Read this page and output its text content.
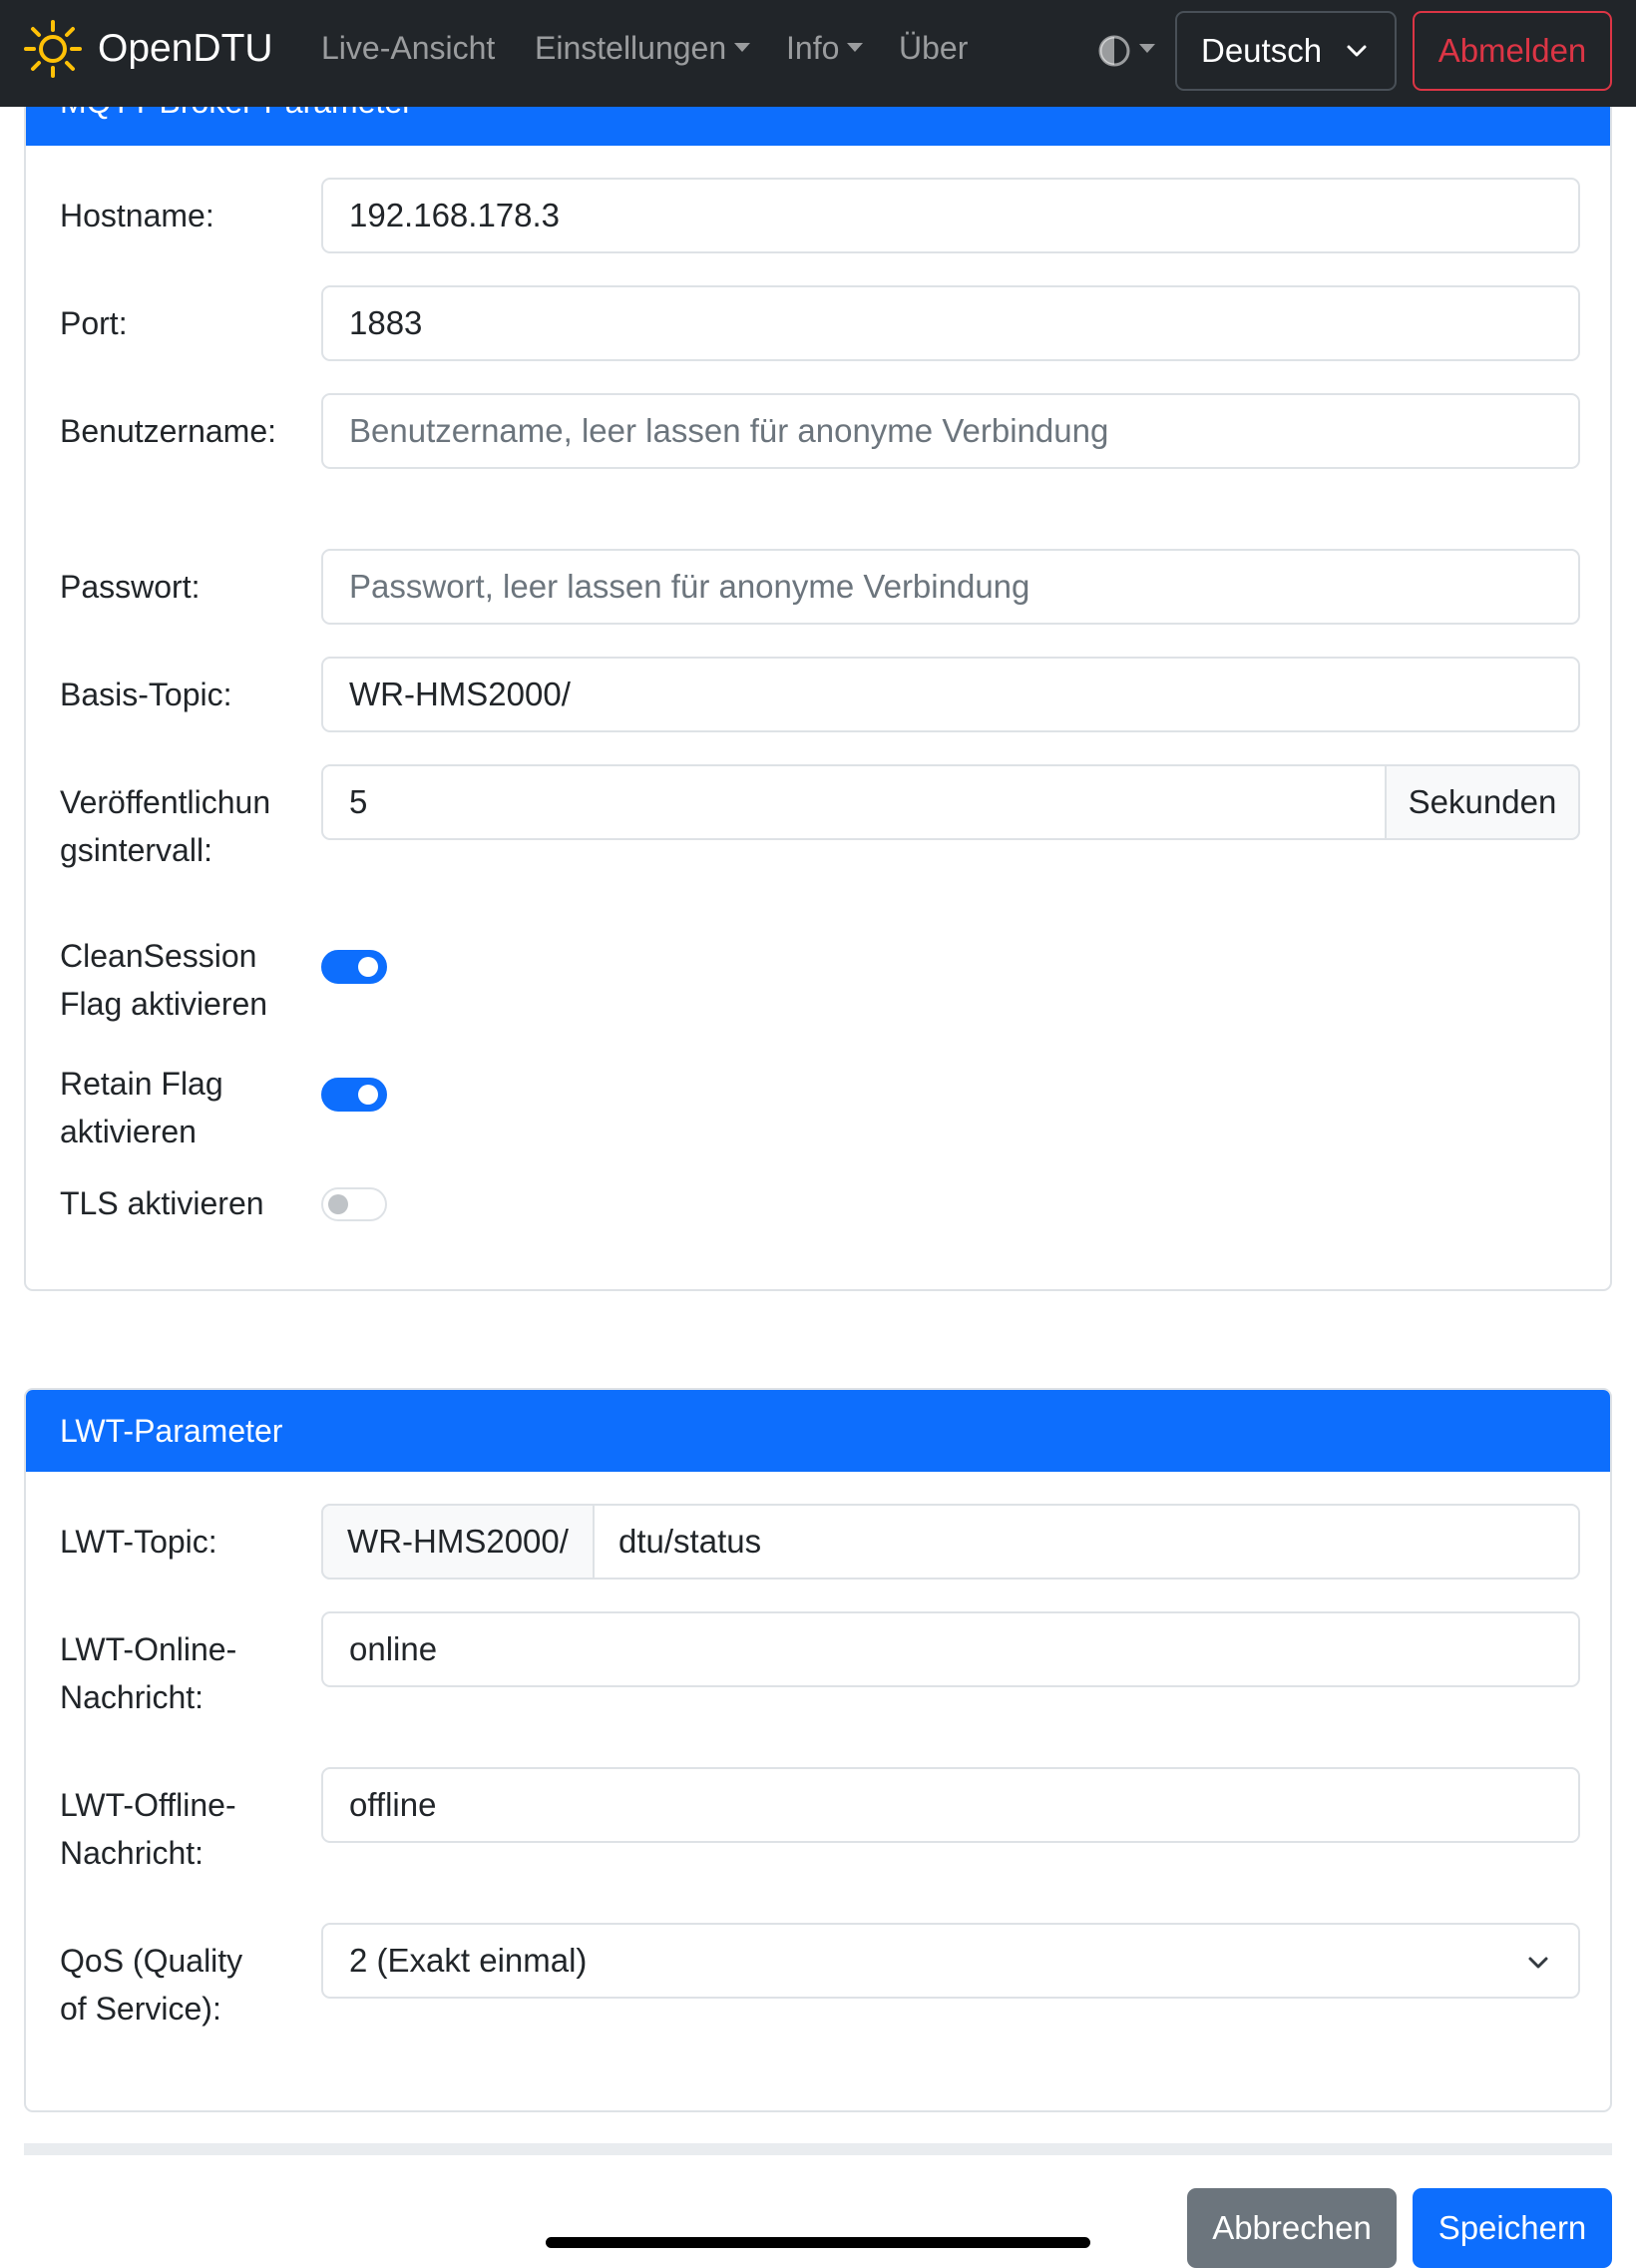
OpenDTU Live-Ansicht Einstellungen	Info	Über	Deutsch	Abmelden
Hostname:	192.168.178.3
Port:	1883
Benutzername:	Benutzername, leer lassen für anonyme Verbindung
Passwort:	Passwort, leer lassen für anonyme Verbindung
Basis-Topic:	WR-HMS2000/
Veröffentlichungsintervall:
5	Sekunden
CleanSession Flag aktivieren
Retain Flag aktivieren
TLS aktivieren
LWT-Parameter
LWT-Topic:	WR-HMS2000/	dtu/status
LWT-Online-Nachricht:
online
LWT-Offline-Nachricht:
offline
QoS (Quality of Service):
2 (Exakt einmal)
Abbrechen	Speichern
